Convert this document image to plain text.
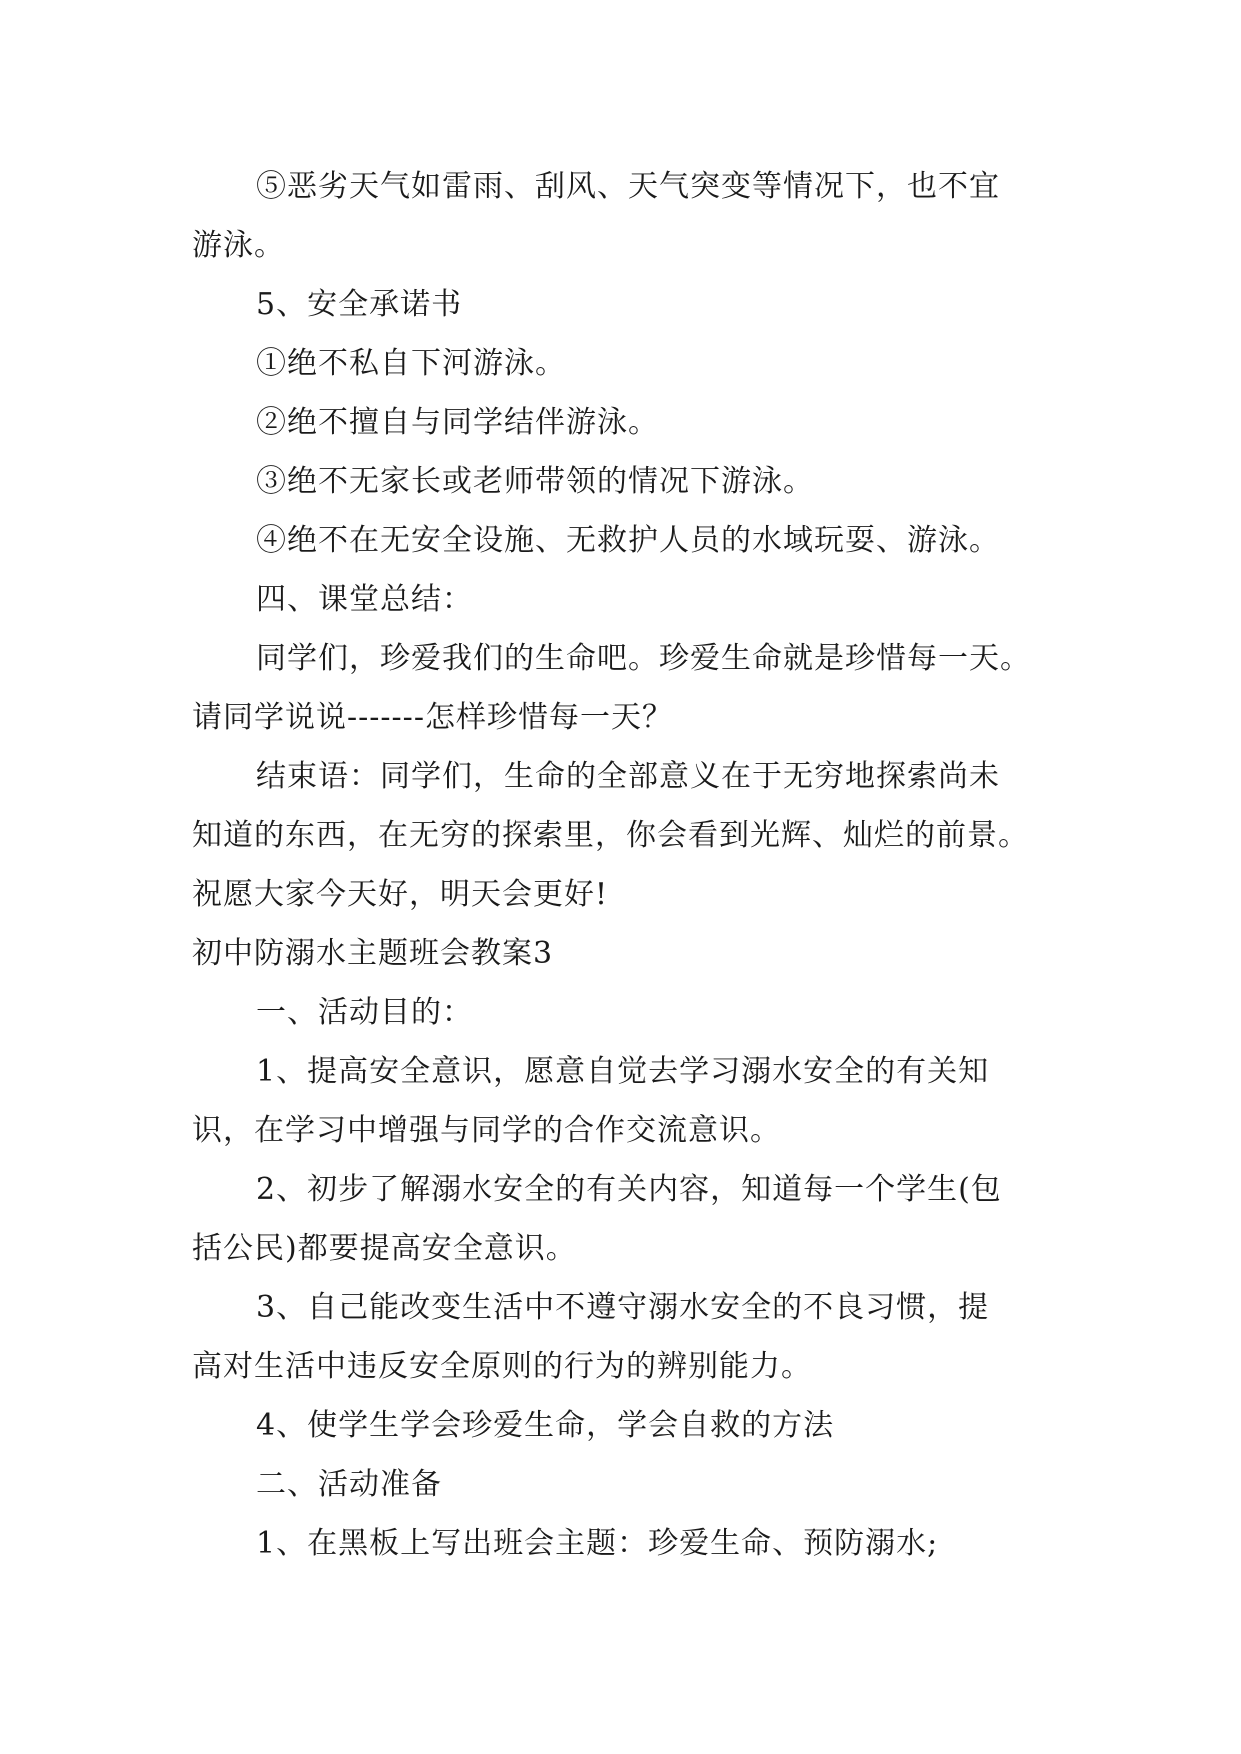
⑤恶劣天气如雷雨、刮风、天气突变等情况下，也不宜
游泳。
5、安全承诺书
①绝不私自下河游泳。
②绝不擅自与同学结伴游泳。
③绝不无家长或老师带领的情况下游泳。
④绝不在无安全设施、无救护人员的水域玩耍、游泳。
四、课堂总结：
同学们，珍爱我们的生命吧。珍爱生命就是珍惜每一天。
请同学说说-------怎样珍惜每一天？
结束语：同学们，生命的全部意义在于无穷地探索尚未
知道的东西，在无穷的探索里，你会看到光辉、灿烂的前景。
祝愿大家今天好，明天会更好!
初中防溺水主题班会教案3
一、活动目的：
1、提高安全意识，愿意自觉去学习溺水安全的有关知
识，在学习中增强与同学的合作交流意识。
2、初步了解溺水安全的有关内容，知道每一个学生(包
括公民)都要提高安全意识。
3、自己能改变生活中不遵守溺水安全的不良习惯，提
高对生活中违反安全原则的行为的辨别能力。
4、使学生学会珍爱生命，学会自救的方法
二、活动准备
1、在黑板上写出班会主题：珍爱生命、预防溺水;
